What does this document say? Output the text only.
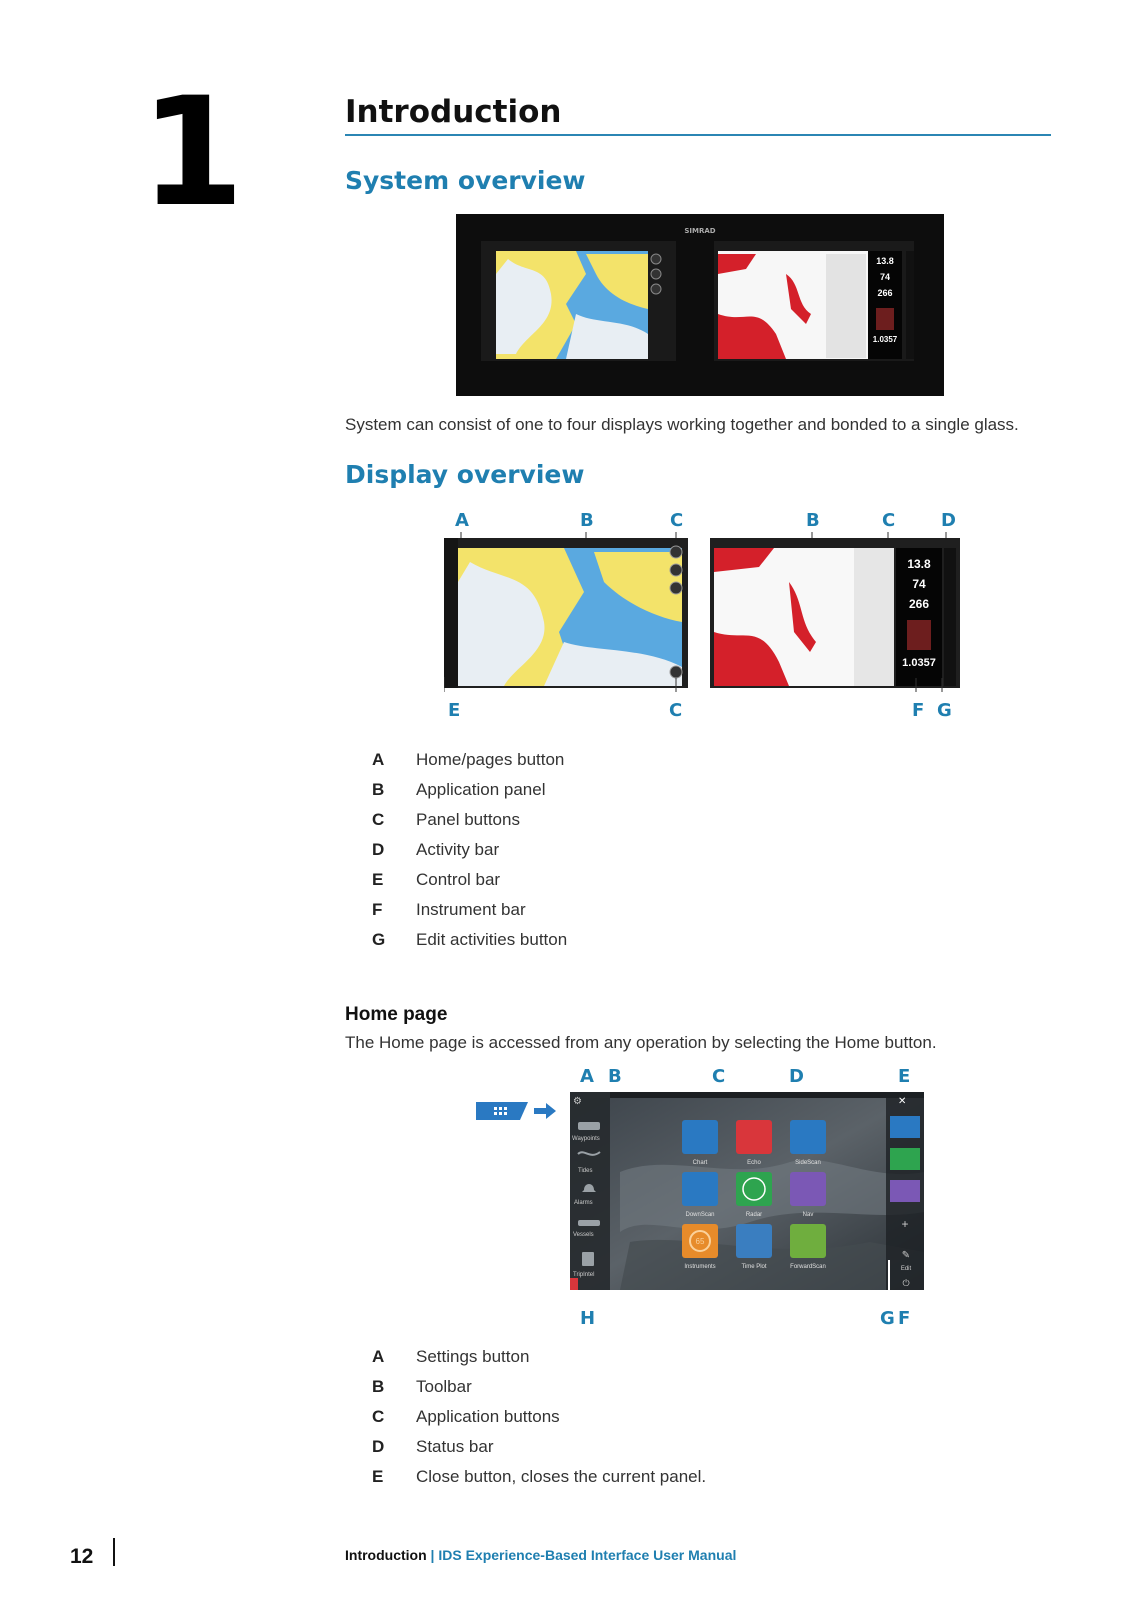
1	Introduction
System overview
SIMRAD
13.8
74
266
1.0357
System can consist of one to four displays working together and bonded to a single glass.
Display overview
A	B	C	B	C	D
13.8
74
266
1.0357
E	C	F G
A	Home/pages button
B	Application panel
C	Panel buttons
D	Activity bar
E	Control bar
F	Instrument bar
G	Edit activities button
Home page
The Home page is accessed from any operation by selecting the Home button.
A B	C	D	E
⚙
Waypoints
Tides
Alarms
Vessels
TripIntel
65
Chart	Echo	SideScan
DownScan	Radar	Nav
Instruments	Time Plot	ForwardScan
✕
+
✎
Edit
⏻
H	G F
A	Settings button
B	Toolbar
C	Application buttons
D	Status bar
E	Close button, closes the current panel.
12	Introduction | IDS Experience-Based Interface User Manual
